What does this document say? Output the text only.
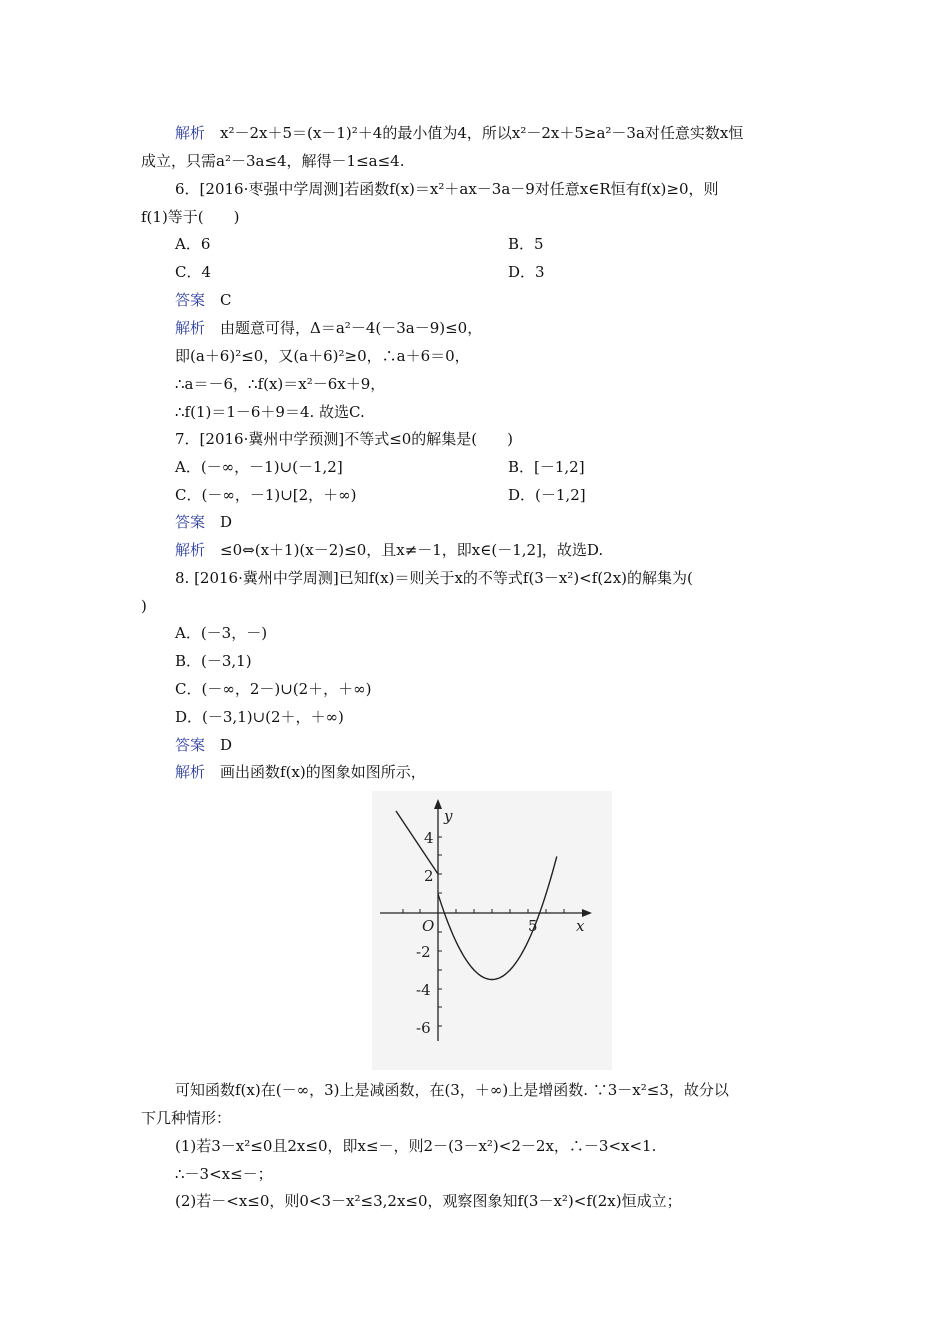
解析　 x²－2x＋5＝(x－1)²＋4的最小值为4，所以x²－2x＋5≥a²－3a对任意实数x恒
成立，只需a²－3a≤4，解得－1≤a≤4.
6．[2016·枣强中学周测]若函数f(x)＝x²＋ax－3a－9对任意x∈R恒有f(x)≥0，则
f(1)等于(　　)
A．6	B．5
C．4	D．3
答案　 C
解析　 由题意可得，Δ＝a²－4(－3a－9)≤0，
即(a＋6)²≤0，又(a＋6)²≥0，∴a＋6＝0，
∴a＝－6，∴f(x)＝x²－6x＋9，
∴f(1)＝1－6＋9＝4. 故选C.
7．[2016·冀州中学预测]不等式≤0的解集是(　　)
A．(－∞，－1)∪(－1,2]	B．[－1,2]
C．(－∞，－1)∪[2，＋∞)	D．(－1,2]
答案　 D
解析　 ≤0⇔(x＋1)(x－2)≤0，且x≠－1，即x∈(－1,2]，故选D.
8. [2016·冀州中学周测]已知f(x)＝则关于x的不等式f(3－x²)<f(2x)的解集为(
)
A．(－3，－)
B．(－3,1)
C．(－∞，2－)∪(2＋，＋∞)
D．(－3,1)∪(2＋，＋∞)
答案　 D
解析　 画出函数f(x)的图象如图所示，
y
x
O	5
4
2
-2
-4
-6
可知函数f(x)在(－∞，3)上是减函数，在(3，＋∞)上是增函数. ∵3－x²≤3，故分以
下几种情形：
(1)若3－x²≤0且2x≤0，即x≤－，则2－(3－x²)<2－2x，∴－3<x<1.
∴－3<x≤－；
(2)若－<x≤0，则0<3－x²≤3,2x≤0，观察图象知f(3－x²)<f(2x)恒成立；
